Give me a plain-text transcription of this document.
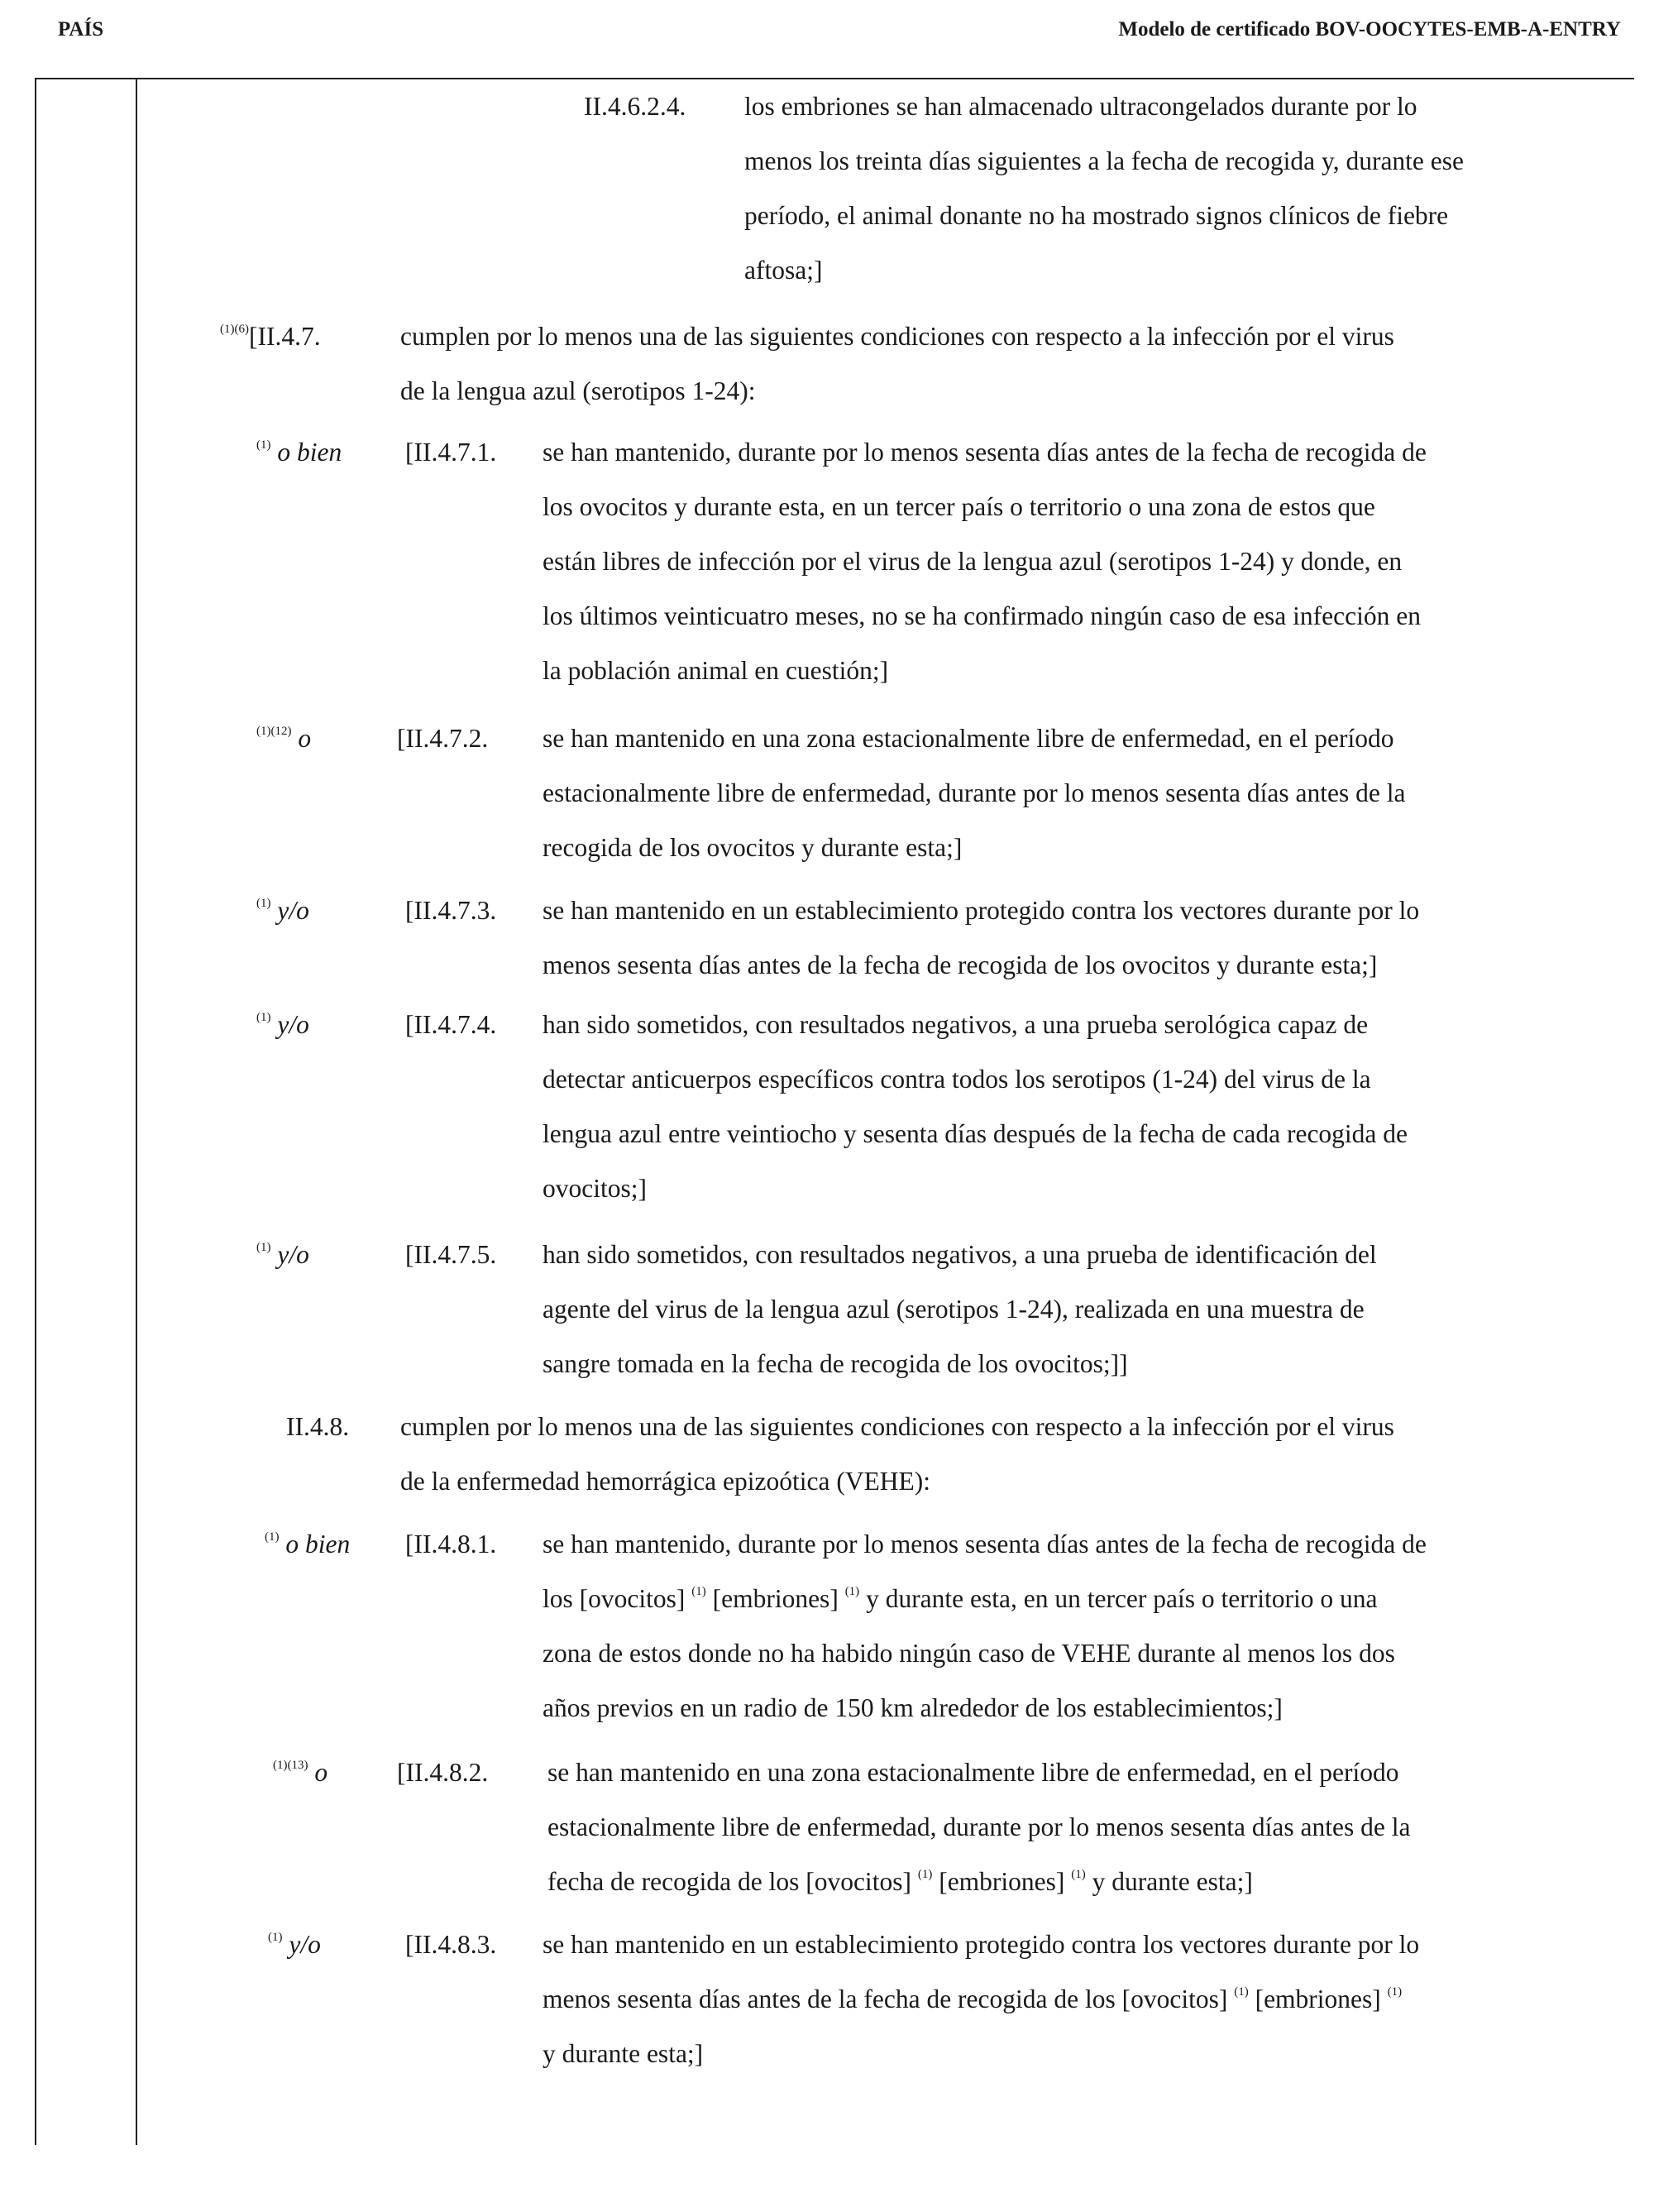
PAÍS	Modelo de certificado BOV-OOCYTES-EMB-A-ENTRY
II.4.6.2.4. los embriones se han almacenado ultracongelados durante por lo
menos los treinta días siguientes a la fecha de recogida y, durante ese
período, el animal donante no ha mostrado signos clínicos de fiebre
aftosa;]
$^{(1)(6)}$[II.4.7.	cumplen por lo menos una de las siguientes condiciones con respecto a la infección por el virus
de la lengua azul (serotipos 1-24):
$^{(1)}$ o bien [II.4.7.1. se han mantenido, durante por lo menos sesenta días antes de la fecha de recogida de
los ovocitos y durante esta, en un tercer país o territorio o una zona de estos que
están libres de infección por el virus de la lengua azul (serotipos 1-24) y donde, en
los últimos veinticuatro meses, no se ha confirmado ningún caso de esa infección en
la población animal en cuestión;]
$^{(1)(12)}$ o	[II.4.7.2. se han mantenido en una zona estacionalmente libre de enfermedad, en el período
estacionalmente libre de enfermedad, durante por lo menos sesenta días antes de la
recogida de los ovocitos y durante esta;]
$^{(1)}$ y/o	[II.4.7.3. se han mantenido en un establecimiento protegido contra los vectores durante por lo
menos sesenta días antes de la fecha de recogida de los ovocitos y durante esta;]
$^{(1)}$ y/o	[II.4.7.4. han sido sometidos, con resultados negativos, a una prueba serológica capaz de
detectar anticuerpos específicos contra todos los serotipos (1-24) del virus de la
lengua azul entre veintiocho y sesenta días después de la fecha de cada recogida de
ovocitos;]
$^{(1)}$ y/o	[II.4.7.5. han sido sometidos, con resultados negativos, a una prueba de identificación del
agente del virus de la lengua azul (serotipos 1-24), realizada en una muestra de
sangre tomada en la fecha de recogida de los ovocitos;]]
II.4.8. cumplen por lo menos una de las siguientes condiciones con respecto a la infección por el virus
de la enfermedad hemorrágica epizoótica (VEHE):
$^{(1)}$ o bien [II.4.8.1. se han mantenido, durante por lo menos sesenta días antes de la fecha de recogida de
los [ovocitos] $^{(1)}$ [embriones] $^{(1)}$ y durante esta, en un tercer país o territorio o una
zona de estos donde no ha habido ningún caso de VEHE durante al menos los dos
años previos en un radio de 150 km alrededor de los establecimientos;]
$^{(1)(13)}$ o	[II.4.8.2. se han mantenido en una zona estacionalmente libre de enfermedad, en el período
estacionalmente libre de enfermedad, durante por lo menos sesenta días antes de la
fecha de recogida de los [ovocitos] $^{(1)}$ [embriones] $^{(1)}$ y durante esta;]
$^{(1)}$ y/o	[II.4.8.3. se han mantenido en un establecimiento protegido contra los vectores durante por lo
menos sesenta días antes de la fecha de recogida de los [ovocitos] $^{(1)}$ [embriones] $^{(1)}$
y durante esta;]
